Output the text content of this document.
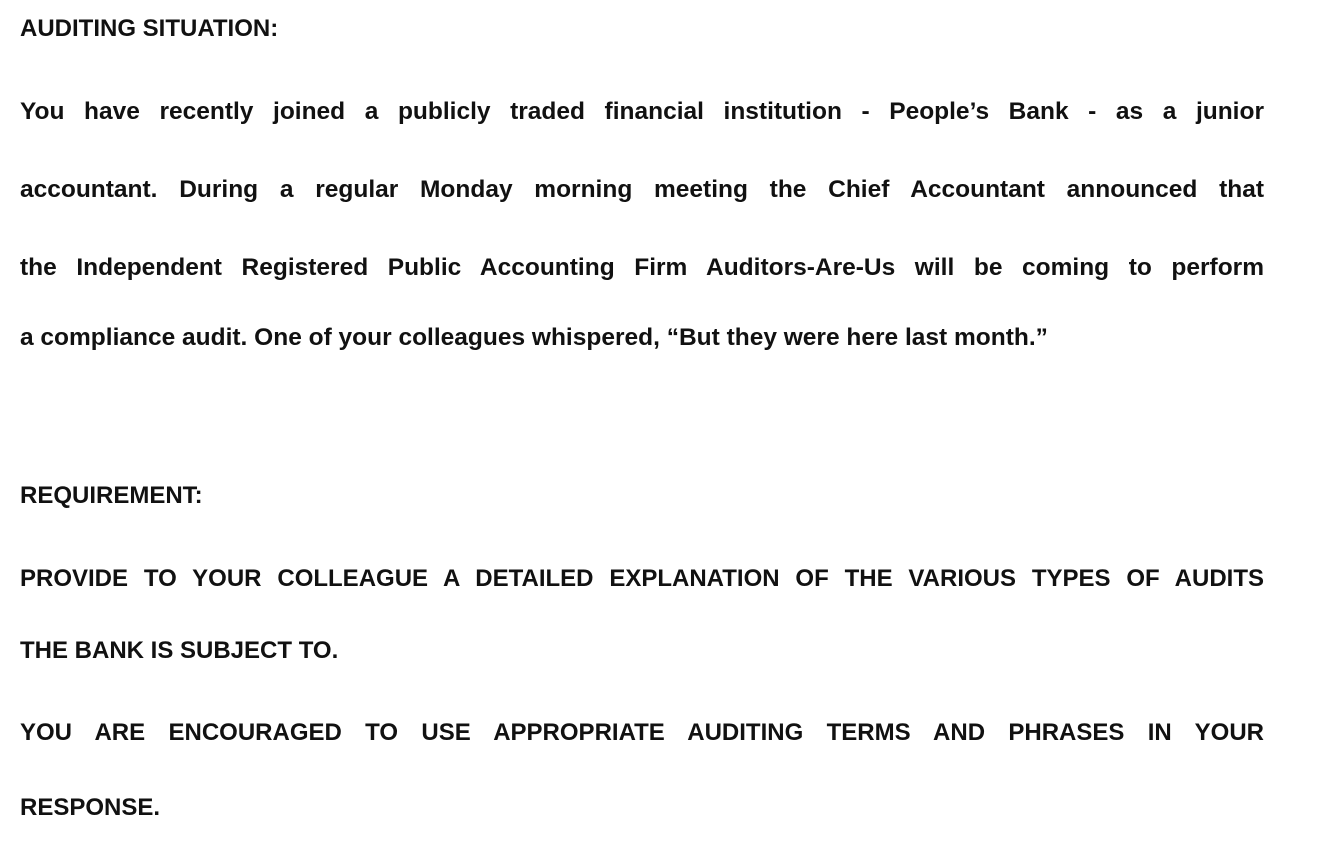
AUDITING SITUATION:
You have recently joined a publicly traded financial institution - People’s Bank - as a junior
accountant. During a regular Monday morning meeting the Chief Accountant announced that
the Independent Registered Public Accounting Firm Auditors-Are-Us will be coming to perform
a compliance audit. One of your colleagues whispered, “But they were here last month.”
REQUIREMENT:
PROVIDE TO YOUR COLLEAGUE A DETAILED EXPLANATION OF THE VARIOUS TYPES OF AUDITS
THE BANK IS SUBJECT TO.
YOU ARE ENCOURAGED TO USE APPROPRIATE AUDITING TERMS AND PHRASES IN YOUR
RESPONSE.
